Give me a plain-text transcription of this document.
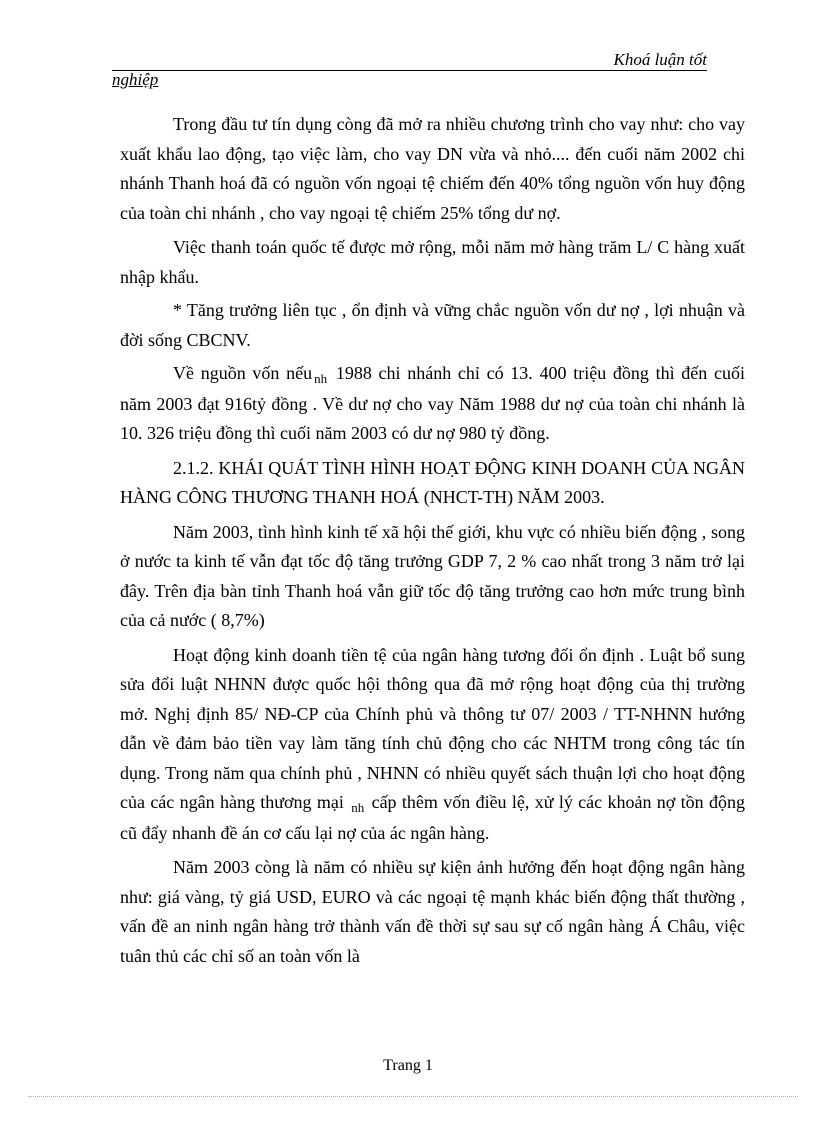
Khoá luận tốt
nghiệp

Trong đầu tư tín dụng còng đã mở ra nhiều chương trình cho vay như: cho vay xuất khẩu lao động, tạo việc làm, cho vay DN vừa và nhỏ.... đến cuối năm 2002 chi nhánh Thanh hoá đã có nguồn vốn ngoại tệ chiếm đến 40% tổng nguồn vốn huy động của toàn chi nhánh , cho vay ngoại tệ chiếm 25% tổng dư nợ.

Việc thanh toán quốc tế được mở rộng, mỗi năm mở hàng trăm L/ C hàng xuất nhập khẩu.

* Tăng trưởng liên tục , ổn định và vững chắc nguồn vốn dư nợ , lợi nhuận và đời sống CBCNV.

Về nguồn vốn nếu $_{nh}$ 1988 chi nhánh chỉ có 13. 400 triệu đồng thì đến cuối năm 2003 đạt 916tỷ đồng . Về dư nợ cho vay Năm 1988 dư nợ của toàn chi nhánh là 10. 326 triệu đồng thì cuối năm 2003 có dư nợ 980 tỷ đồng.

2.1.2. KHÁI QUÁT TÌNH HÌNH HOẠT ĐỘNG KINH DOANH CỦA NGÂN HÀNG CÔNG THƯƠNG THANH HOÁ (NHCT-TH) NĂM 2003.

Năm 2003, tình hình kinh tế xã hội thế giới, khu vực có nhiều biến động , song ở nước ta kinh tế vẫn đạt tốc độ tăng trưởng GDP 7, 2 % cao nhất trong 3 năm trở lại đây. Trên địa bàn tỉnh Thanh hoá vẫn giữ tốc độ tăng trưởng cao hơn mức trung bình của cả nước ( 8,7%)

Hoạt động kinh doanh tiền tệ của ngân hàng tương đối ổn định . Luật bổ sung sửa đổi luật NHNN được quốc hội thông qua đã mở rộng hoạt động của thị trường mở. Nghị định 85/ NĐ-CP của Chính phủ và thông tư 07/ 2003 / TT-NHNN hướng dẫn về đảm bảo tiền vay làm tăng tính chủ động cho các NHTM trong công tác tín dụng. Trong năm qua chính phủ , NHNN có nhiều quyết sách thuận lợi cho hoạt động của các ngân hàng thương mại $_{nh}$ cấp thêm vốn điều lệ, xử lý các khoản nợ tồn động cũ đẩy nhanh đề án cơ cấu lại nợ của ác ngân hàng.

Năm 2003 còng là năm có nhiều sự kiện ảnh hưởng đến hoạt động ngân hàng như: giá vàng, tỷ giá USD, EURO và các ngoại tệ mạnh khác biến động thất thường , vấn đề an ninh ngân hàng trở thành vấn đề thời sự sau sự cố ngân hàng Á Châu, việc tuân thủ các chỉ số an toàn vốn là

Trang 1
